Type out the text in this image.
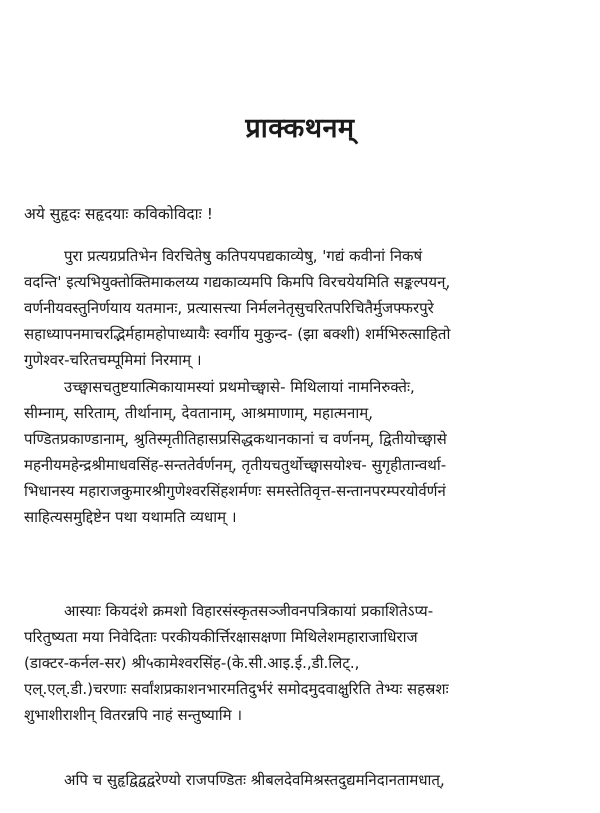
प्राक्कथनम्
अये सुहृदः सहृदयाः कविकोविदाः !
पुरा प्रत्यग्रप्रतिभेन विरचितेषु कतिपयपद्यकाव्येषु, 'गद्यं कवीनां निकषं
वदन्ति' इत्यभियुक्तोक्तिमाकलय्य गद्यकाव्यमपि किमपि विरचयेयमिति सङ्कल्पयन्,
वर्णनीयवस्तुनिर्णयाय यतमानः, प्रत्यासत्त्या निर्मलनेतृसुचरितपरिचितैर्मुजफ्फरपुरे
सहाध्यापनमाचरद्भिर्महामहोपाध्यायैः स्वर्गीय मुकुन्द- (झा बक्शी) शर्मभिरुत्साहितो
गुणेश्वर-चरितचम्पूमिमां निरमाम् ।
उच्छ्वासचतुष्टयात्मिकायामस्यां प्रथमोच्छ्वासे- मिथिलायां नामनिरुक्तेः,
सीम्नाम्, सरिताम्, तीर्थानाम्, देवतानाम्, आश्रमाणाम्, महात्मनाम्,
पण्डितप्रकाण्डानाम्, श्रुतिस्मृतीतिहासप्रसिद्धकथानकानां च वर्णनम्, द्वितीयोच्छ्वासे
महनीयमहेन्द्रश्रीमाधवसिंह-सन्ततेर्वर्णनम्, तृतीयचतुर्थोच्छ्वासयोश्च- सुगृहीतान्वर्था-
भिधानस्य महाराजकुमारश्रीगुणेश्वरसिंहशर्मणः समस्तेतिवृत्त-सन्तानपरम्परयोर्वर्णनं
साहित्यसमुद्दिष्टेन पथा यथामति व्यधाम् ।
आस्याः कियदंशे क्रमशो विहारसंस्कृतसञ्जीवनपत्रिकायां प्रकाशितेऽप्य-
परितुष्यता मया निवेदिताः परकीयकीर्त्तिरक्षासक्षणा मिथिलेशमहाराजाधिराज
(डाक्टर-कर्नल-सर) श्री५कामेश्वरसिंह-(के.सी.आइ.ई.,डी.लिट्.,
एल्.एल्.डी.)चरणाः सर्वांशप्रकाशनभारमतिदुर्भरं समोदमुदवाक्षुरिति तेभ्यः सहस्रशः
शुभाशीराशीन् वितरन्नपि नाहं सन्तुष्यामि ।
अपि च सुहृद्विद्वद्वरेण्यो राजपण्डितः श्रीबलदेवमिश्रस्तदुद्यमनिदानतामधात्,
